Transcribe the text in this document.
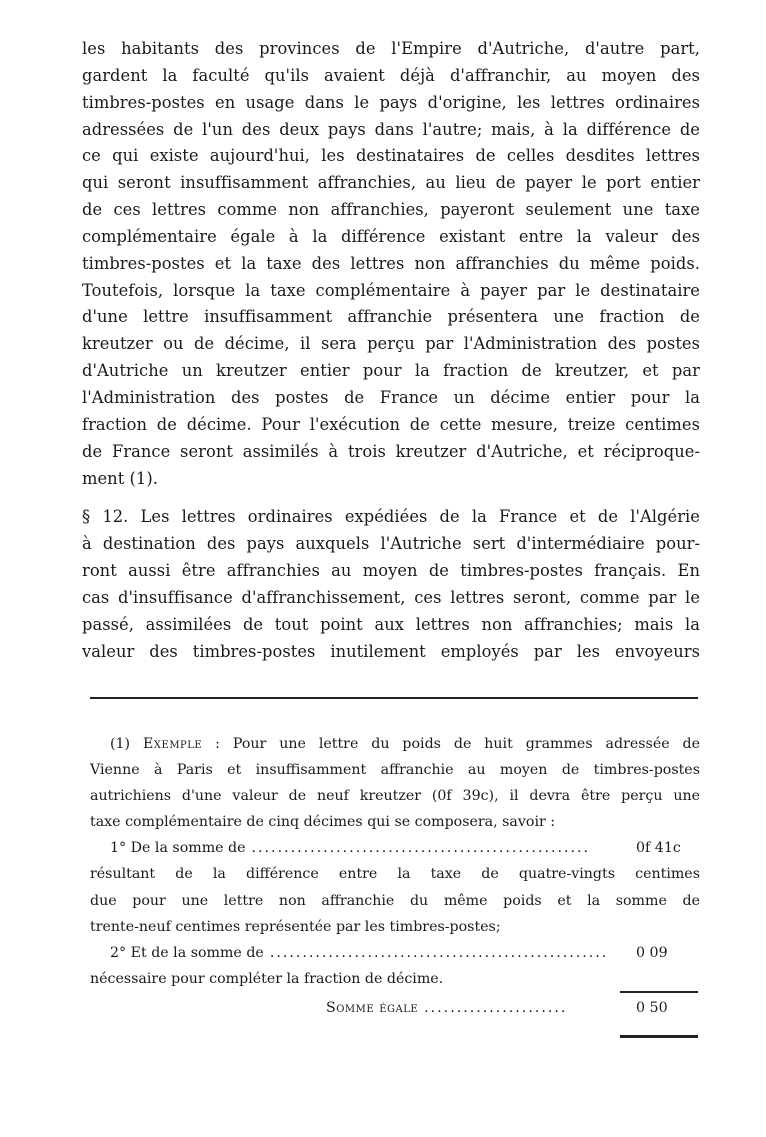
les habitants des provinces de l'Empire d'Autriche, d'autre part,
gardent la faculté qu'ils avaient déjà d'affranchir, au moyen des
timbres-postes en usage dans le pays d'origine, les lettres ordinaires
adressées de l'un des deux pays dans l'autre; mais, à la différence de
ce qui existe aujourd'hui, les destinataires de celles desdites lettres
qui seront insuffisamment affranchies, au lieu de payer le port entier
de ces lettres comme non affranchies, payeront seulement une taxe
complémentaire égale à la différence existant entre la valeur des
timbres-postes et la taxe des lettres non affranchies du même poids.
Toutefois, lorsque la taxe complémentaire à payer par le destinataire
d'une lettre insuffisamment affranchie présentera une fraction de
kreutzer ou de décime, il sera perçu par l'Administration des postes
d'Autriche un kreutzer entier pour la fraction de kreutzer, et par
l'Administration des postes de France un décime entier pour la
fraction de décime. Pour l'exécution de cette mesure, treize centimes
de France seront assimilés à trois kreutzer d'Autriche, et réciproque-
ment (1).
§ 12. Les lettres ordinaires expédiées de la France et de l'Algérie
à destination des pays auxquels l'Autriche sert d'intermédiaire pour-
ront aussi être affranchies au moyen de timbres-postes français. En
cas d'insuffisance d'affranchissement, ces lettres seront, comme par le
passé, assimilées de tout point aux lettres non affranchies; mais la
valeur des timbres-postes inutilement employés par les envoyeurs
(1) Exemple : Pour une lettre du poids de huit grammes adressée de
Vienne à Paris et insuffisamment affranchie au moyen de timbres-postes
autrichiens d'une valeur de neuf kreutzer (0f 39c), il devra être perçu une
taxe complémentaire de cinq décimes qui se composera, savoir :
1° De la somme de ....................................................	0f 41c
résultant de la différence entre la taxe de quatre-vingts centimes
due pour une lettre non affranchie du même poids et la somme de
trente-neuf centimes représentée par les timbres-postes;
2° Et de la somme de ....................................................	0 09
nécessaire pour compléter la fraction de décime.
Somme égale ......................	0 50
